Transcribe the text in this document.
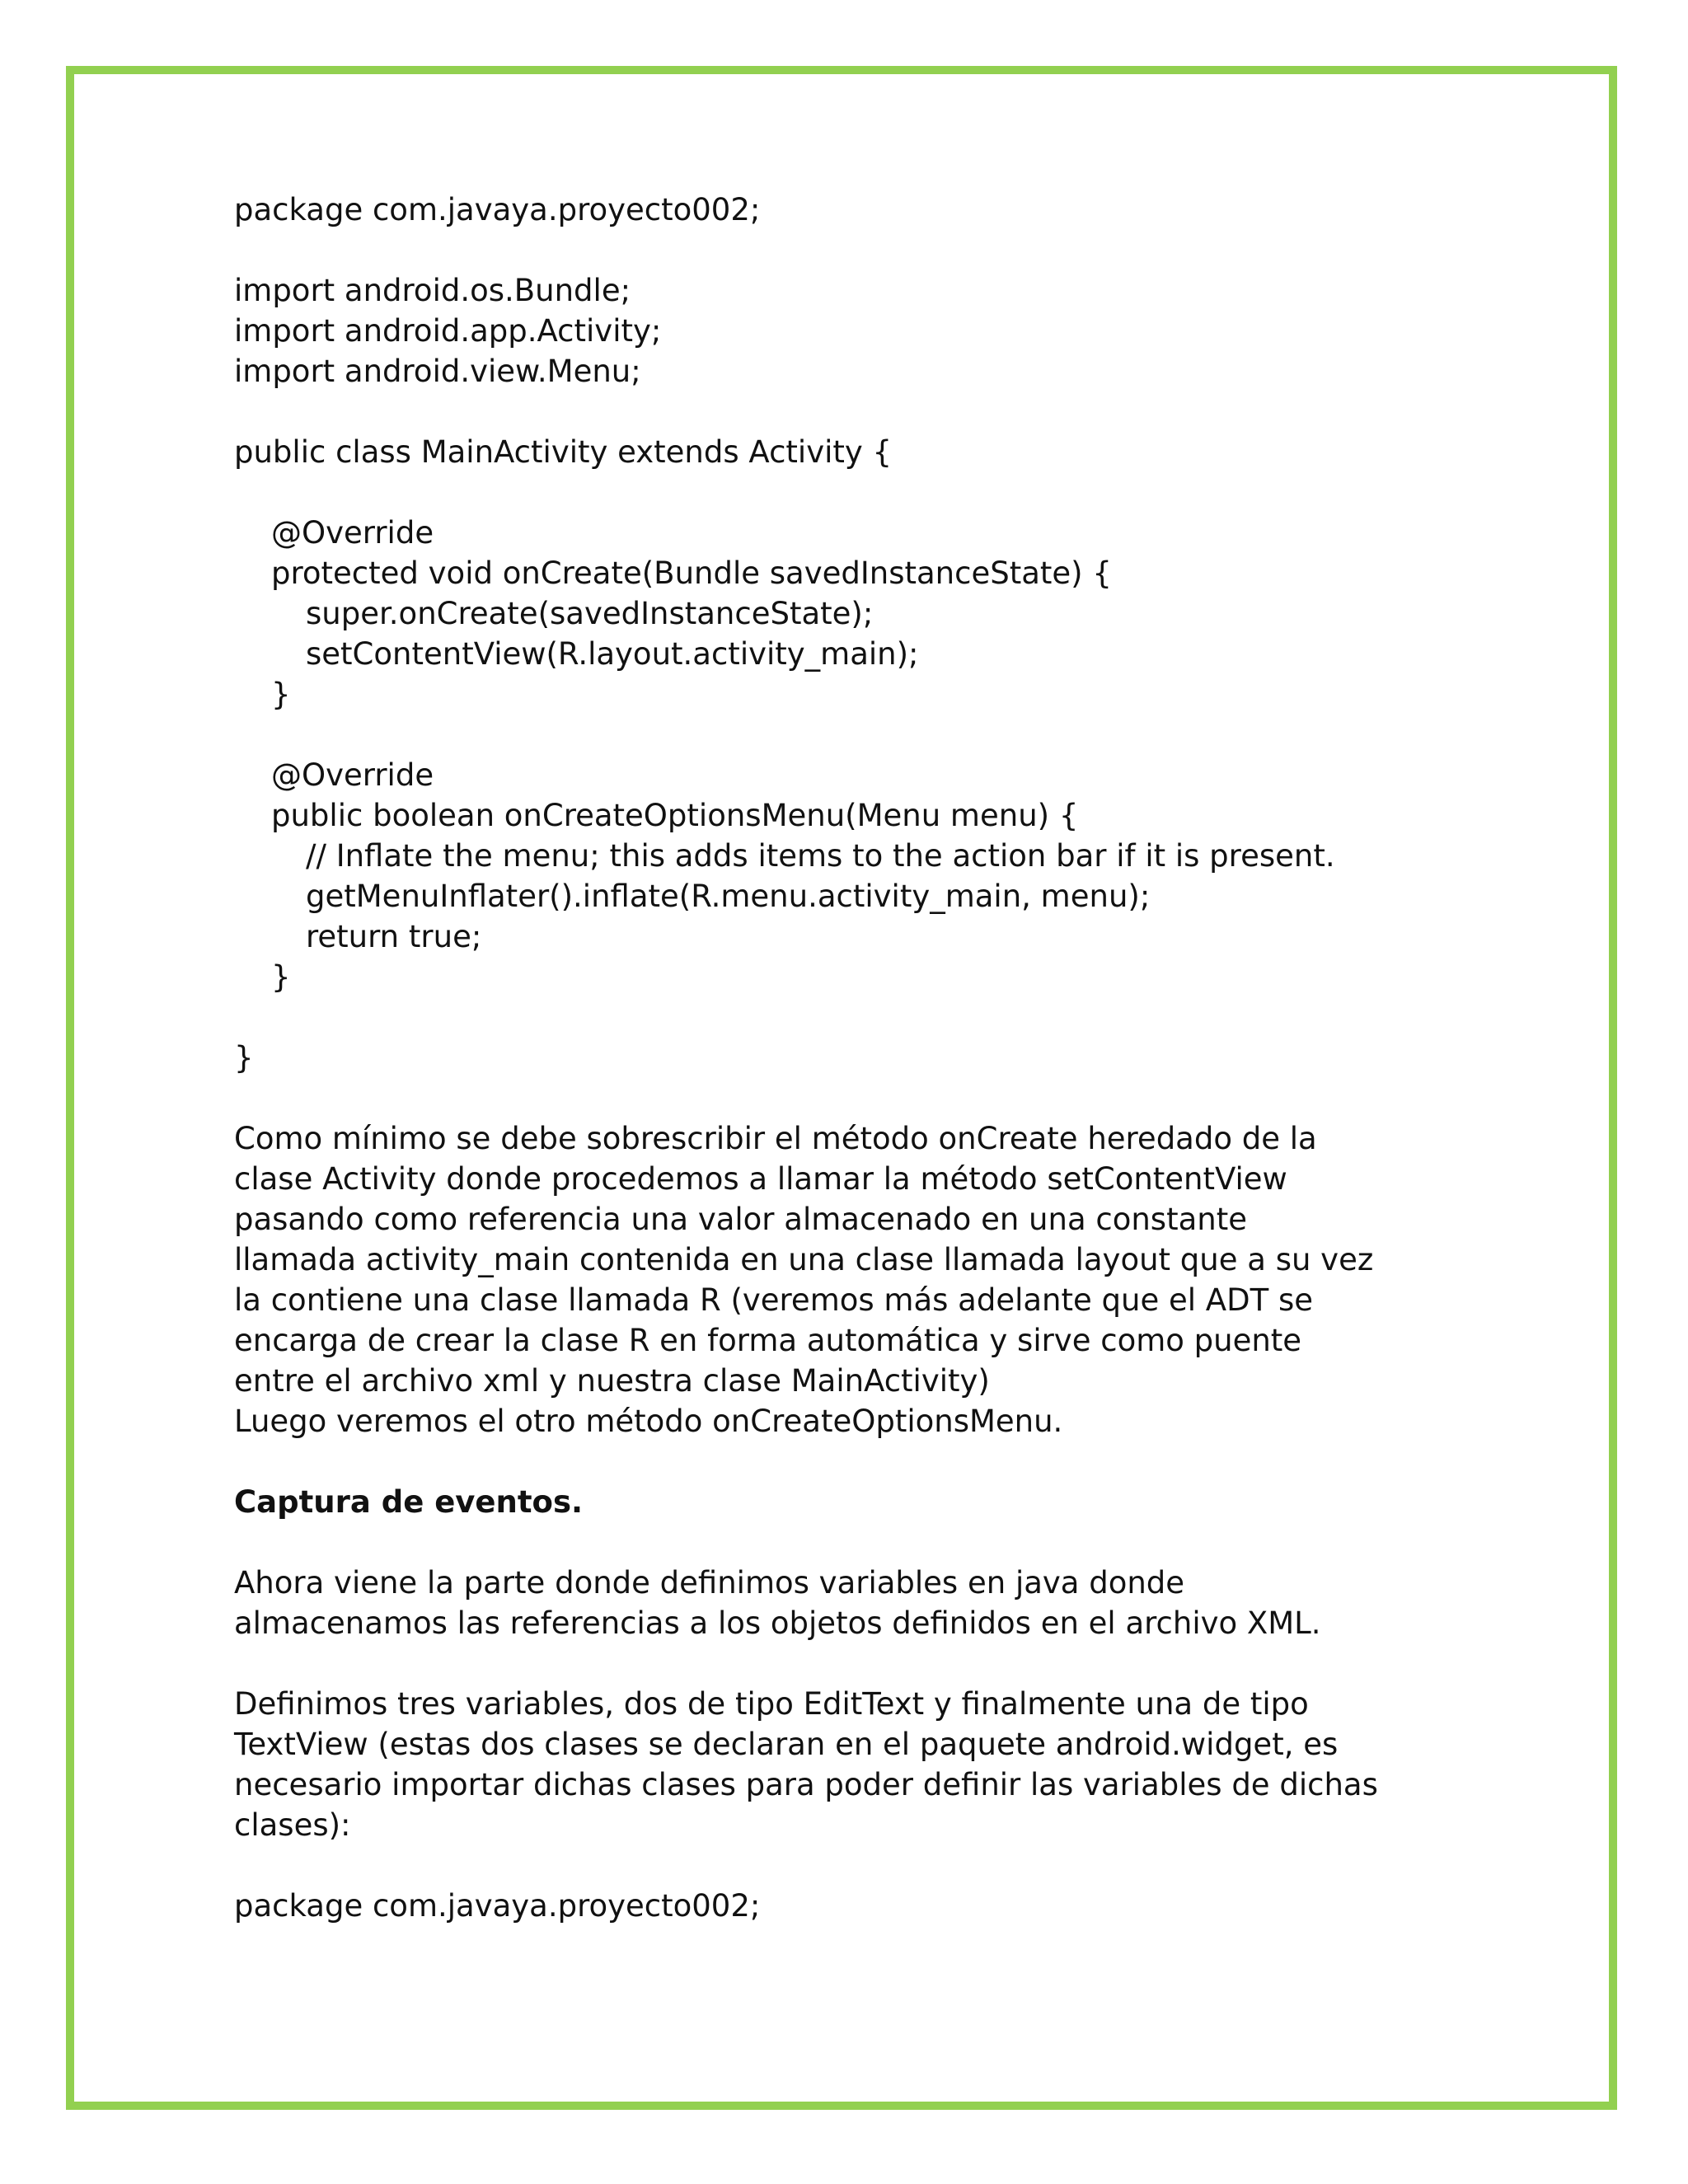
package com.javaya.proyecto002;
import android.os.Bundle;
import android.app.Activity;
import android.view.Menu;
public class MainActivity extends Activity {
@Override
protected void onCreate(Bundle savedInstanceState) {
super.onCreate(savedInstanceState);
setContentView(R.layout.activity_main);
}
@Override
public boolean onCreateOptionsMenu(Menu menu) {
// Inflate the menu; this adds items to the action bar if it is present.
getMenuInflater().inflate(R.menu.activity_main, menu);
return true;
}
}
Como mínimo se debe sobrescribir el método onCreate heredado de la
clase Activity donde procedemos a llamar la método setContentView
pasando como referencia una valor almacenado en una constante
llamada activity_main contenida en una clase llamada layout que a su vez
la contiene una clase llamada R (veremos más adelante que el ADT se
encarga de crear la clase R en forma automática y sirve como puente
entre el archivo xml y nuestra clase MainActivity)
Luego veremos el otro método onCreateOptionsMenu.
Captura de eventos.
Ahora viene la parte donde definimos variables en java donde
almacenamos las referencias a los objetos definidos en el archivo XML.
Definimos tres variables, dos de tipo EditText y finalmente una de tipo
TextView (estas dos clases se declaran en el paquete android.widget, es
necesario importar dichas clases para poder definir las variables de dichas
clases):
package com.javaya.proyecto002;
